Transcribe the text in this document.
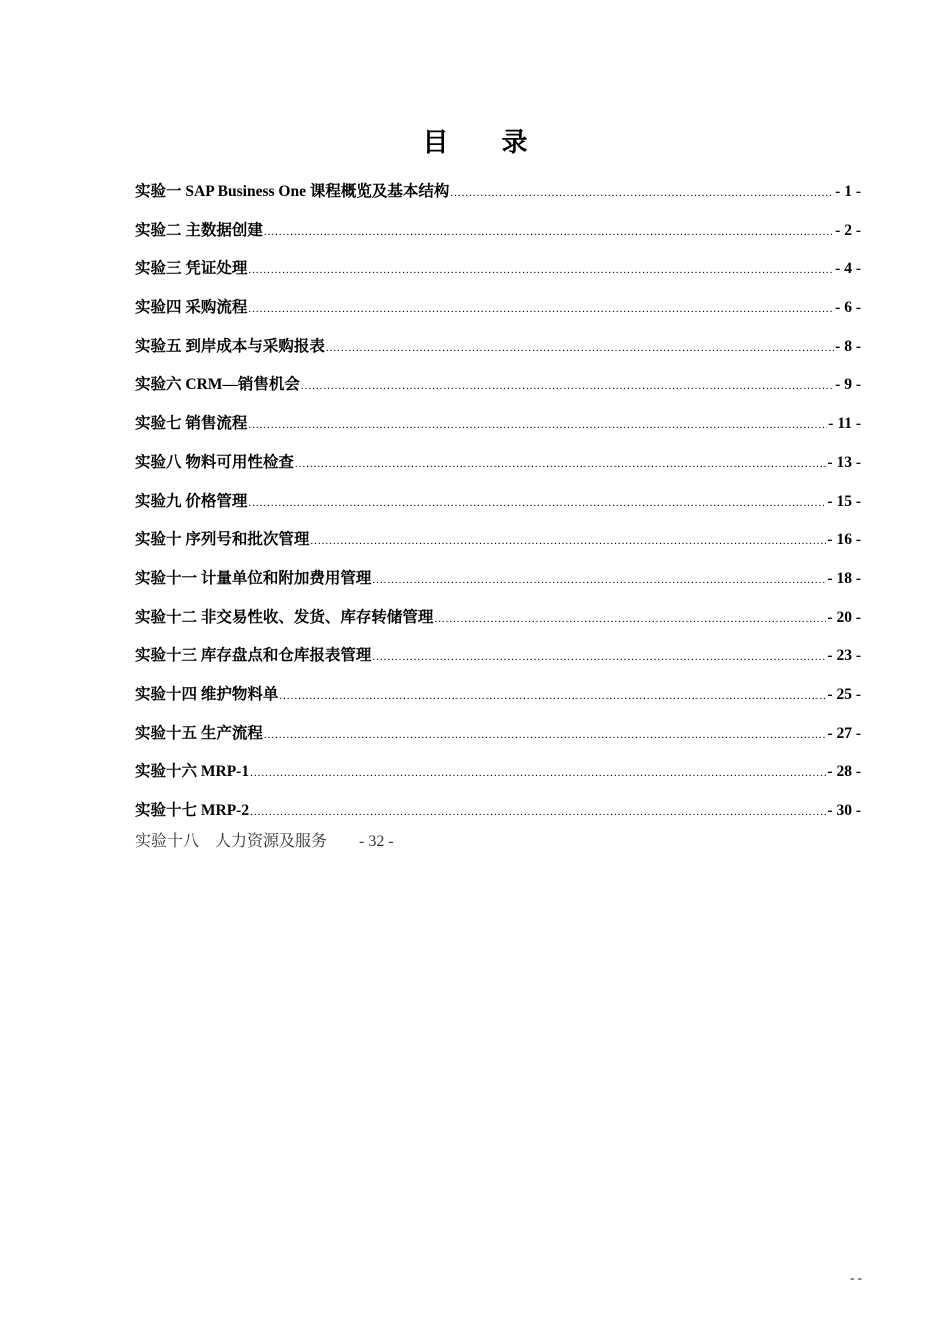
目 录
实验一 SAP Business One 课程概览及基本结构 .....	- 1 -
实验二 主数据创建 .....	- 2 -
实验三 凭证处理 .....	- 4 -
实验四 采购流程 .....	- 6 -
实验五 到岸成本与采购报表 .....	- 8 -
实验六 CRM—销售机会 .....	- 9 -
实验七 销售流程 .....	- 11 -
实验八 物料可用性检查 .....	- 13 -
实验九 价格管理 .....	- 15 -
实验十 序列号和批次管理 .....	- 16 -
实验十一 计量单位和附加费用管理 .....	- 18 -
实验十二 非交易性收、发货、库存转储管理 .....	- 20 -
实验十三 库存盘点和仓库报表管理 .....	- 23 -
实验十四 维护物料单 .....	- 25 -
实验十五 生产流程 .....	- 27 -
实验十六 MRP-1 .....	- 28 -
实验十七 MRP-2 .....	- 30 -
实验十八    人力资源及服务 - 32 -
- -
